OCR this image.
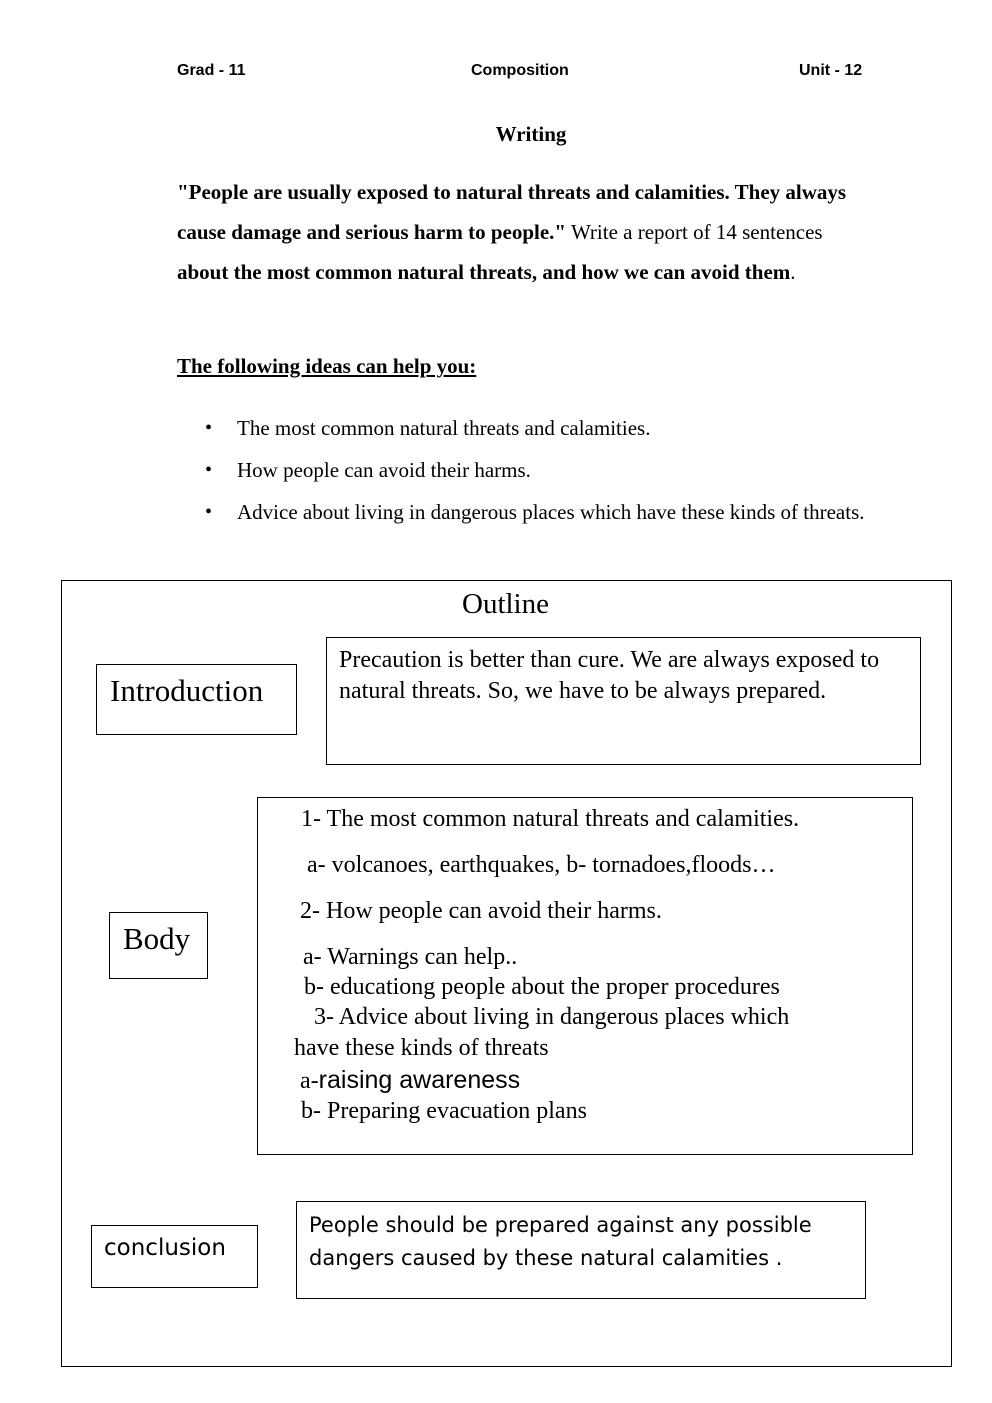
Grad - 11	Composition	Unit - 12
Writing
"People are usually exposed to natural threats and calamities. They always cause damage and serious harm to people." Write a report of 14 sentences about the most common natural threats, and how we can avoid them.
The following ideas can help you:
• The most common natural threats and calamities.
• How people can avoid their harms.
• Advice about living in dangerous places which have these kinds of threats.
Outline
Introduction
Precaution is better than cure. We are always exposed to natural threats. So, we have to be always prepared.
Body
1- The most common natural threats and calamities.
a- volcanoes, earthquakes, b- tornadoes,floods…
2- How people can avoid their harms.
a- Warnings can help..
b- educationg people about the proper procedures
3- Advice about living in dangerous places which
have these kinds of threats
a-raising awareness
b- Preparing evacuation plans
conclusion
People should be prepared against any possible dangers caused by these natural calamities .
